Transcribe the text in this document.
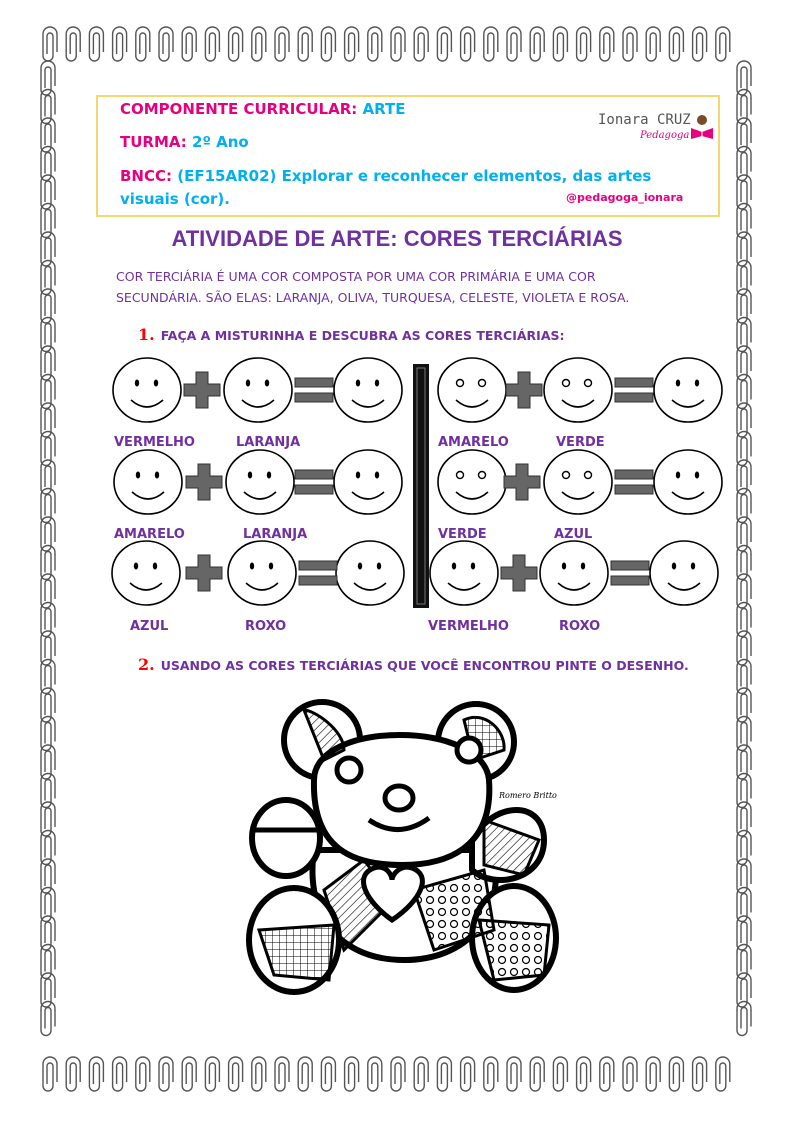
COMPONENTE CURRICULAR: ARTE

TURMA: 2º Ano

BNCC: (EF15AR02) Explorar e reconhecer elementos, das artes

visuais (cor).

Ionara CRUZ
Pedagoga
@pedagoga_ionara
ATIVIDADE DE ARTE: CORES TERCIÁRIAS
COR TERCIÁRIA É UMA COR COMPOSTA POR UMA COR PRIMÁRIA E UMA COR
SECUNDÁRIA. SÃO ELAS: LARANJA, OLIVA, TURQUESA, CELESTE, VIOLETA E ROSA.
1. FAÇA A MISTURINHA E DESCUBRA AS CORES TERCIÁRIAS:
VERMELHO	LARANJA	AMARELO	VERDE
AMARELO	LARANJA	VERDE	AZUL
AZUL	ROXO	VERMELHO	ROXO
2. USANDO AS CORES TERCIÁRIAS QUE VOCÊ ENCONTROU PINTE O DESENHO.
Romero Britto
